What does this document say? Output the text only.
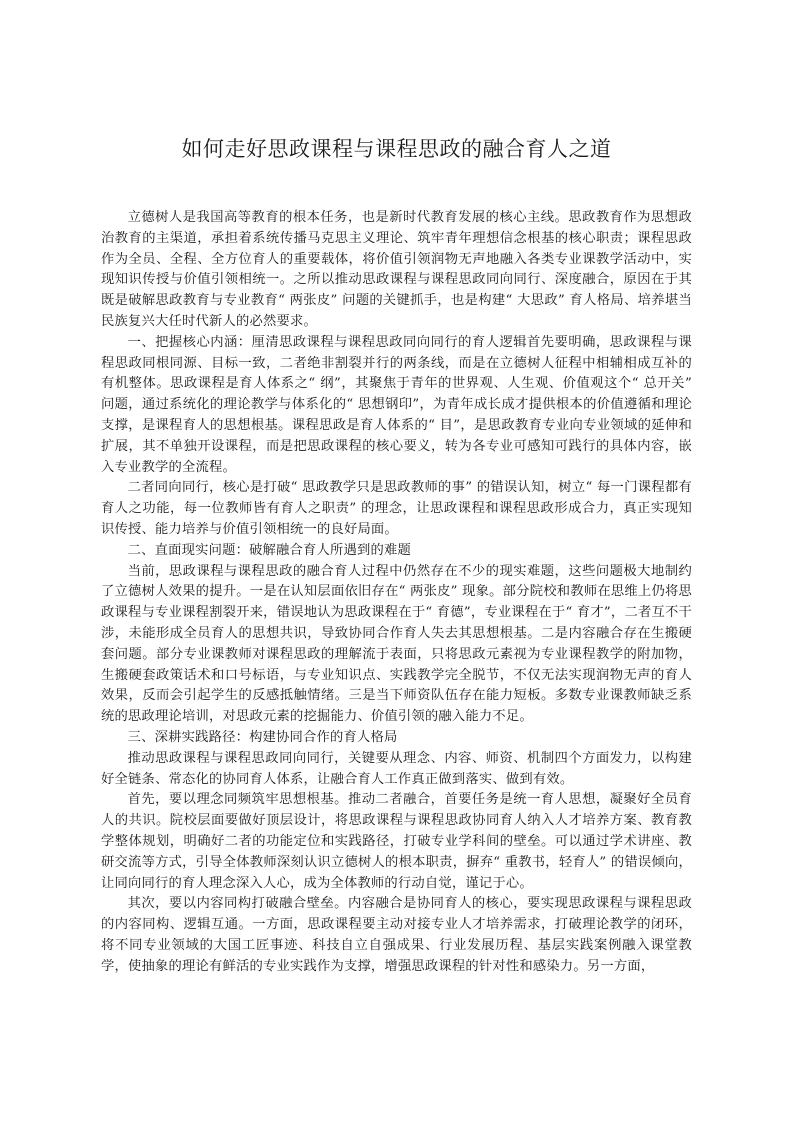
如何走好思政课程与课程思政的融合育人之道

立德树人是我国高等教育的根本任务，也是新时代教育发展的核心主线。思政教育作为思想政治教育的主渠道，承担着系统传播马克思主义理论、筑牢青年理想信念根基的核心职责；课程思政作为全员、全程、全方位育人的重要载体，将价值引领润物无声地融入各类专业课教学活动中，实现知识传授与价值引领相统一。之所以推动思政课程与课程思政同向同行、深度融合，原因在于其既是破解思政教育与专业教育“ 两张皮” 问题的关键抓手，也是构建“ 大思政” 育人格局、培养堪当民族复兴大任时代新人的必然要求。

一、把握核心内涵：厘清思政课程与课程思政同向同行的育人逻辑首先要明确，思政课程与课程思政同根同源、目标一致，二者绝非割裂并行的两条线，而是在立德树人征程中相辅相成互补的有机整体。思政课程是育人体系之“ 纲”，其聚焦于青年的世界观、人生观、价值观这个“ 总开关” 问题，通过系统化的理论教学与体系化的“ 思想钢印”，为青年成长成才提供根本的价值遵循和理论支撑，是课程育人的思想根基。课程思政是育人体系的“ 目”，是思政教育专业向专业领域的延伸和扩展，其不单独开设课程，而是把思政课程的核心要义，转为各专业可感知可践行的具体内容，嵌入专业教学的全流程。

二者同向同行，核心是打破“ 思政教学只是思政教师的事” 的错误认知，树立“ 每一门课程都有育人之功能，每一位教师皆有育人之职责” 的理念，让思政课程和课程思政形成合力，真正实现知识传授、能力培养与价值引领相统一的良好局面。

二、直面现实问题：破解融合育人所遇到的难题

当前，思政课程与课程思政的融合育人过程中仍然存在不少的现实难题，这些问题极大地制约了立德树人效果的提升。一是在认知层面依旧存在“ 两张皮” 现象。部分院校和教师在思维上仍将思政课程与专业课程割裂开来，错误地认为思政课程在于“ 育德”，专业课程在于“ 育才”，二者互不干涉，未能形成全员育人的思想共识，导致协同合作育人失去其思想根基。二是内容融合存在生搬硬套问题。部分专业课教师对课程思政的理解流于表面，只将思政元素视为专业课程教学的附加物，生搬硬套政策话术和口号标语，与专业知识点、实践教学完全脱节，不仅无法实现润物无声的育人效果，反而会引起学生的反感抵触情绪。三是当下师资队伍存在能力短板。多数专业课教师缺乏系统的思政理论培训，对思政元素的挖掘能力、价值引领的融入能力不足。

三、深耕实践路径：构建协同合作的育人格局

推动思政课程与课程思政同向同行，关键要从理念、内容、师资、机制四个方面发力，以构建好全链条、常态化的协同育人体系，让融合育人工作真正做到落实、做到有效。

首先，要以理念同频筑牢思想根基。推动二者融合，首要任务是统一育人思想，凝聚好全员育人的共识。院校层面要做好顶层设计，将思政课程与课程思政协同育人纳入人才培养方案、教育教学整体规划，明确好二者的功能定位和实践路径，打破专业学科间的壁垒。可以通过学术讲座、教研交流等方式，引导全体教师深刻认识立德树人的根本职责，摒弃“ 重教书，轻育人” 的错误倾向，让同向同行的育人理念深入人心，成为全体教师的行动自觉，谨记于心。

其次，要以内容同构打破融合壁垒。内容融合是协同育人的核心，要实现思政课程与课程思政的内容同构、逻辑互通。一方面，思政课程要主动对接专业人才培养需求，打破理论教学的闭环，将不同专业领域的大国工匠事迹、科技自立自强成果、行业发展历程、基层实践案例融入课堂教学，使抽象的理论有鲜活的专业实践作为支撑，增强思政课程的针对性和感染力。另一方面，
